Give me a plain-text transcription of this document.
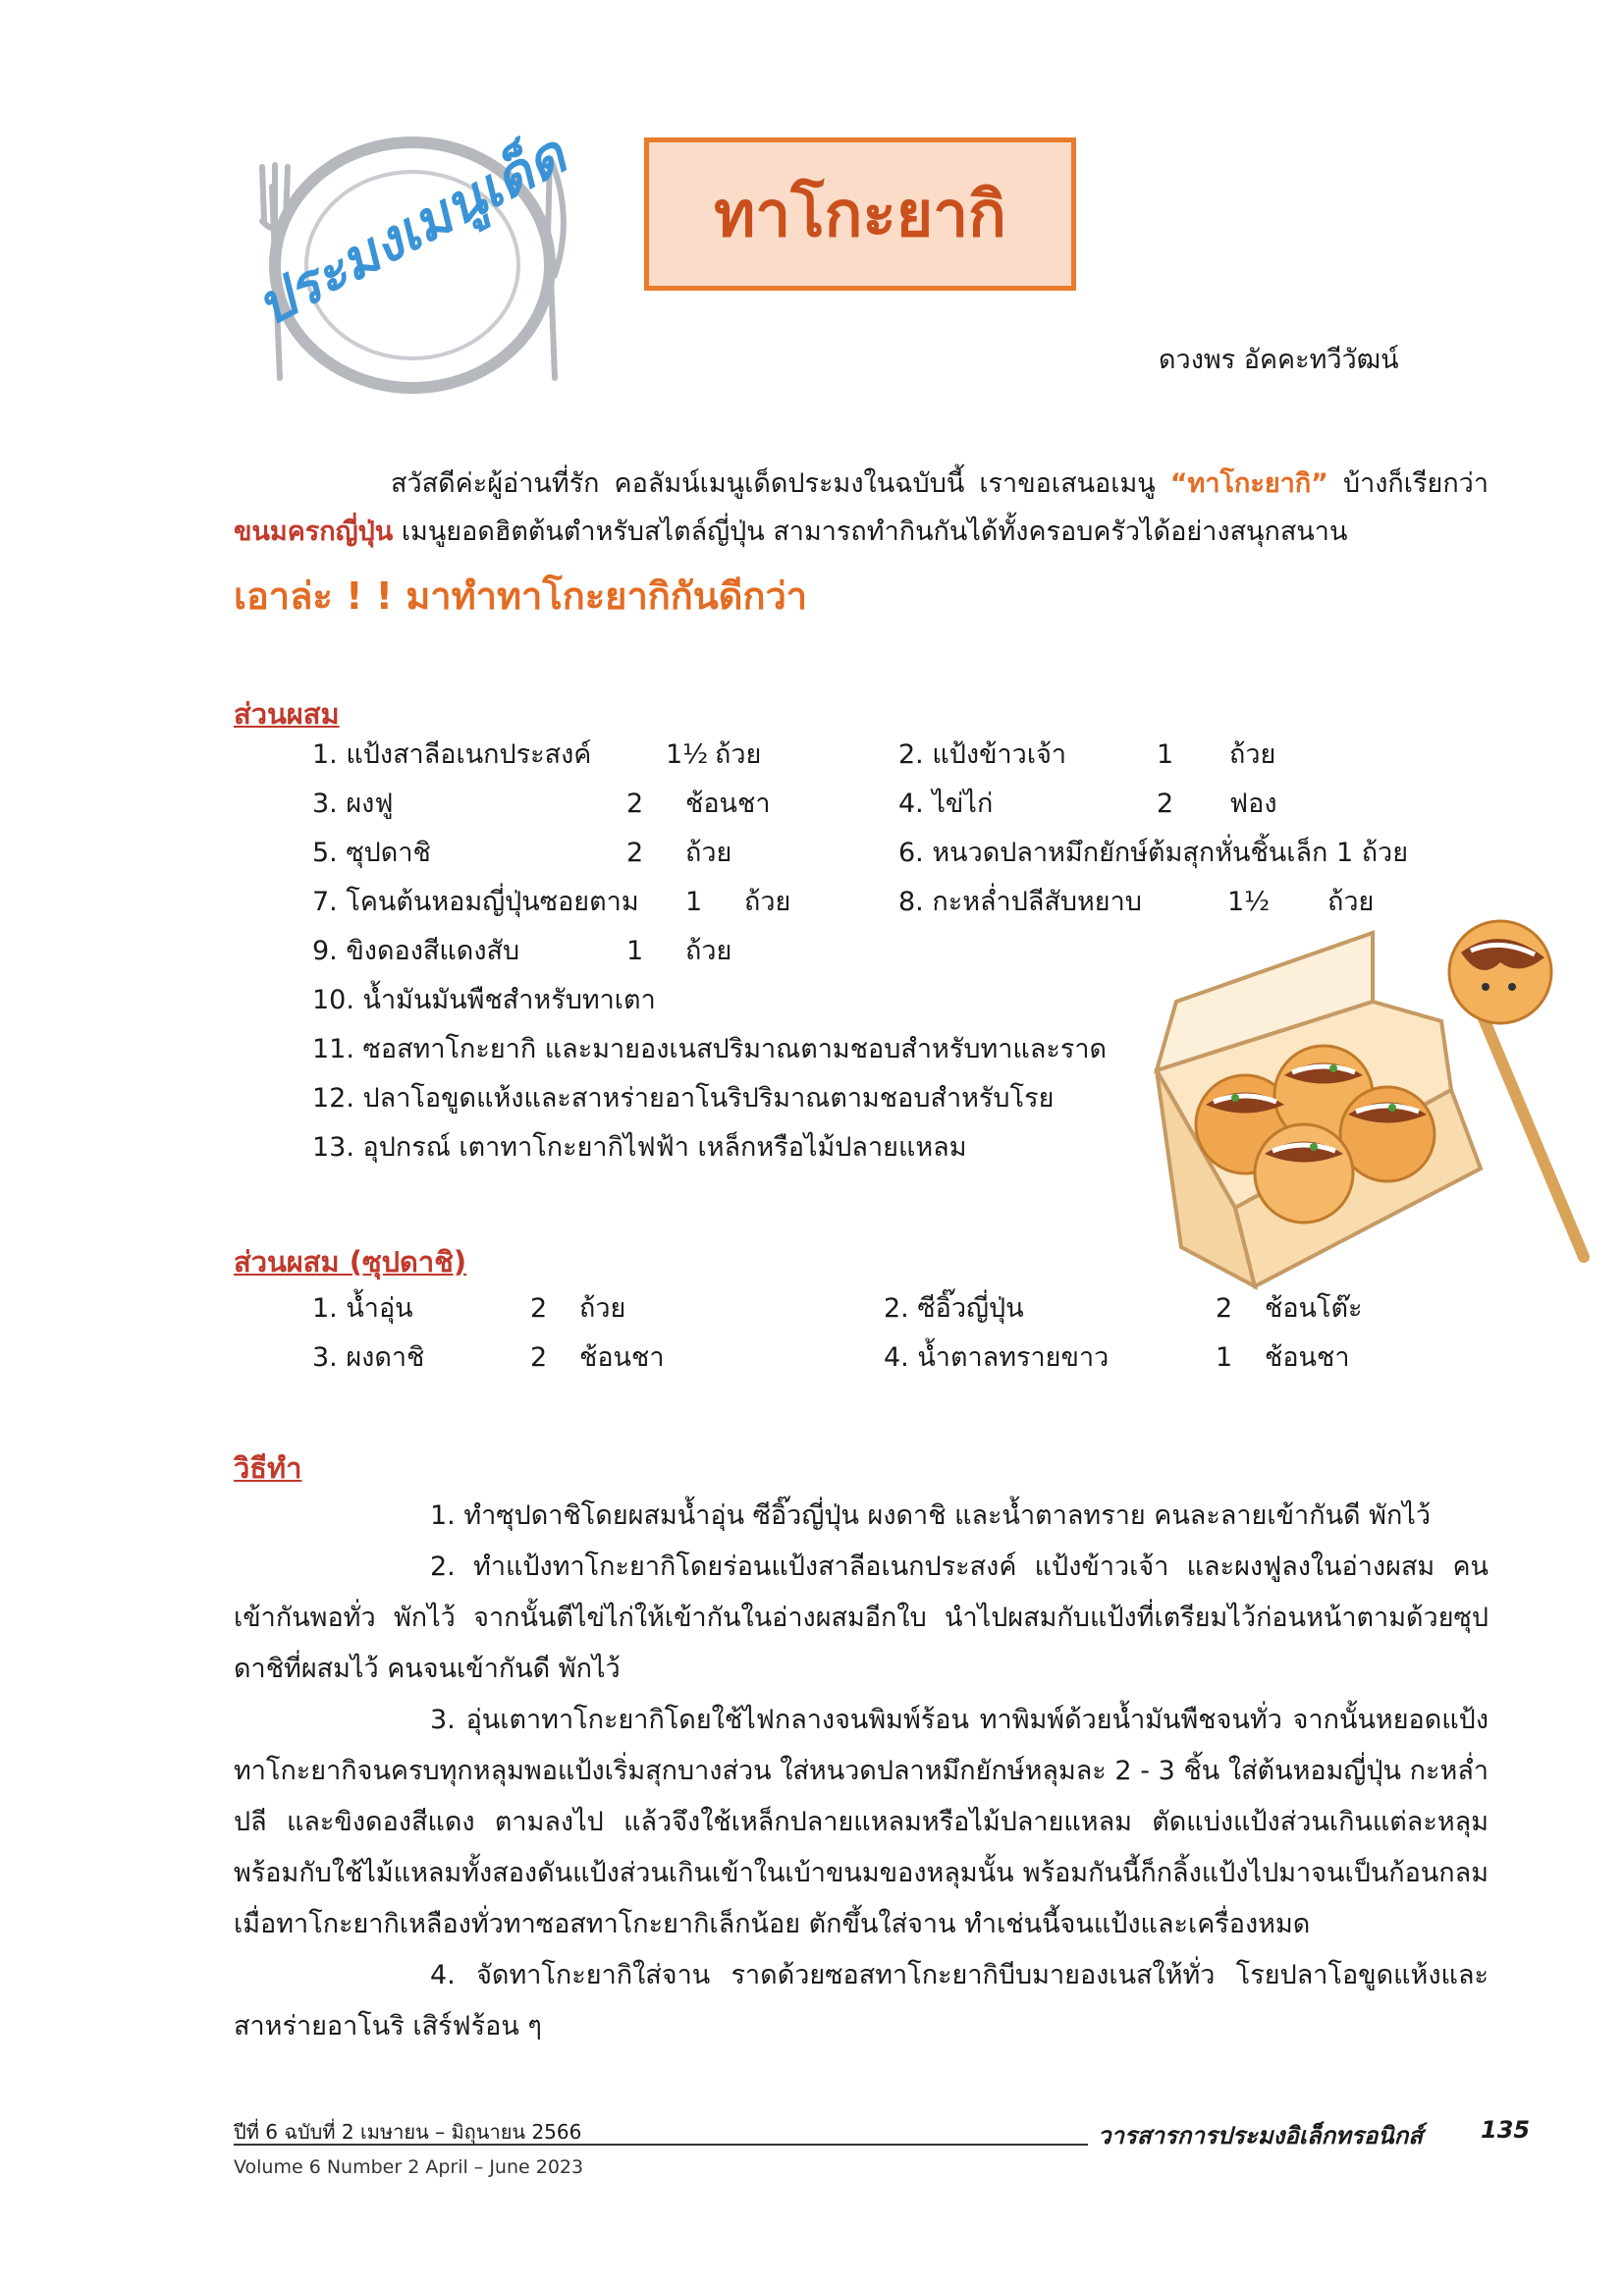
ประมงเมนูเด็ด ทาโกะยากิ
ดวงพร อัคคะทวีวัฒน์
สวัสดีค่ะผู้อ่านที่รัก คอลัมน์เมนูเด็ดประมงในฉบับนี้ เราขอเสนอเมนู “ทาโกะยากิ” บ้างก็เรียกว่า ขนมครกญี่ปุ่น เมนูยอดฮิตต้นตำหรับสไตล์ญี่ปุ่น สามารถทำกินกันได้ทั้งครอบครัวได้อย่างสนุกสนาน
เอาล่ะ ! ! มาทำทาโกะยากิกันดีกว่า
ส่วนผสม
1. แป้งสาลีอเนกประสงค์	1½ ถ้วย	2. แป้งข้าวเจ้า	1 ถ้วย
3. ผงฟู	2 ช้อนชา	4. ไข่ไก่	2 ฟอง
5. ซุปดาชิ	2 ถ้วย	6. หนวดปลาหมึกยักษ์ต้มสุกหั่นชิ้นเล็ก 1 ถ้วย
7. โคนต้นหอมญี่ปุ่นซอยตาม 1 ถ้วย	8. กะหล่ำปลีสับหยาบ	1½ ถ้วย
9. ขิงดองสีแดงสับ	1 ถ้วย
10. น้ำมันมันพืชสำหรับทาเตา
11. ซอสทาโกะยากิ และมายองเนสปริมาณตามชอบสำหรับทาและราด
12. ปลาโอขูดแห้งและสาหร่ายอาโนริปริมาณตามชอบสำหรับโรย
13. อุปกรณ์ เตาทาโกะยากิไฟฟ้า เหล็กหรือไม้ปลายแหลม
ส่วนผสม (ซุปดาชิ)
1. น้ำอุ่น	2 ถ้วย	2. ซีอิ๊วญี่ปุ่น	2 ช้อนโต๊ะ
3. ผงดาชิ	2 ช้อนชา	4. น้ำตาลทรายขาว	1 ช้อนชา
วิธีทำ

1. ทำซุปดาชิโดยผสมน้ำอุ่น ซีอิ๊วญี่ปุ่น ผงดาชิ และน้ำตาลทราย คนละลายเข้ากันดี พักไว้

2. ทำแป้งทาโกะยากิโดยร่อนแป้งสาลีอเนกประสงค์ แป้งข้าวเจ้า และผงฟูลงในอ่างผสม คนเข้ากันพอทั่ว พักไว้ จากนั้นตีไข่ไก่ให้เข้ากันในอ่างผสมอีกใบ นำไปผสมกับแป้งที่เตรียมไว้ก่อนหน้าตามด้วยซุปดาชิที่ผสมไว้ คนจนเข้ากันดี พักไว้

3. อุ่นเตาทาโกะยากิโดยใช้ไฟกลางจนพิมพ์ร้อน ทาพิมพ์ด้วยน้ำมันพืชจนทั่ว จากนั้นหยอดแป้งทาโกะยากิจนครบทุกหลุมพอแป้งเริ่มสุกบางส่วน ใส่หนวดปลาหมึกยักษ์หลุมละ 2 - 3 ชิ้น ใส่ต้นหอมญี่ปุ่น กะหล่ำปลี และขิงดองสีแดง ตามลงไป แล้วจึงใช้เหล็กปลายแหลมหรือไม้ปลายแหลม ตัดแบ่งแป้งส่วนเกินแต่ละหลุม พร้อมกับใช้ไม้แหลมทั้งสองดันแป้งส่วนเกินเข้าในเบ้าขนมของหลุมนั้น พร้อมกันนี้ก็กลิ้งแป้งไปมาจนเป็นก้อนกลม เมื่อทาโกะยากิเหลืองทั่วทาซอสทาโกะยากิเล็กน้อย ตักขึ้นใส่จาน ทำเช่นนี้จนแป้งและเครื่องหมด

4. จัดทาโกะยากิใส่จาน ราดด้วยซอสทาโกะยากิบีบมายองเนสให้ทั่ว โรยปลาโอขูดแห้งและสาหร่ายอาโนริ เสิร์ฟร้อน ๆ

ปีที่ 6 ฉบับที่ 2 เมษายน – มิถุนายน 2566
Volume 6 Number 2 April – June 2023
วารสารการประมงอิเล็กทรอนิกส์ 135
